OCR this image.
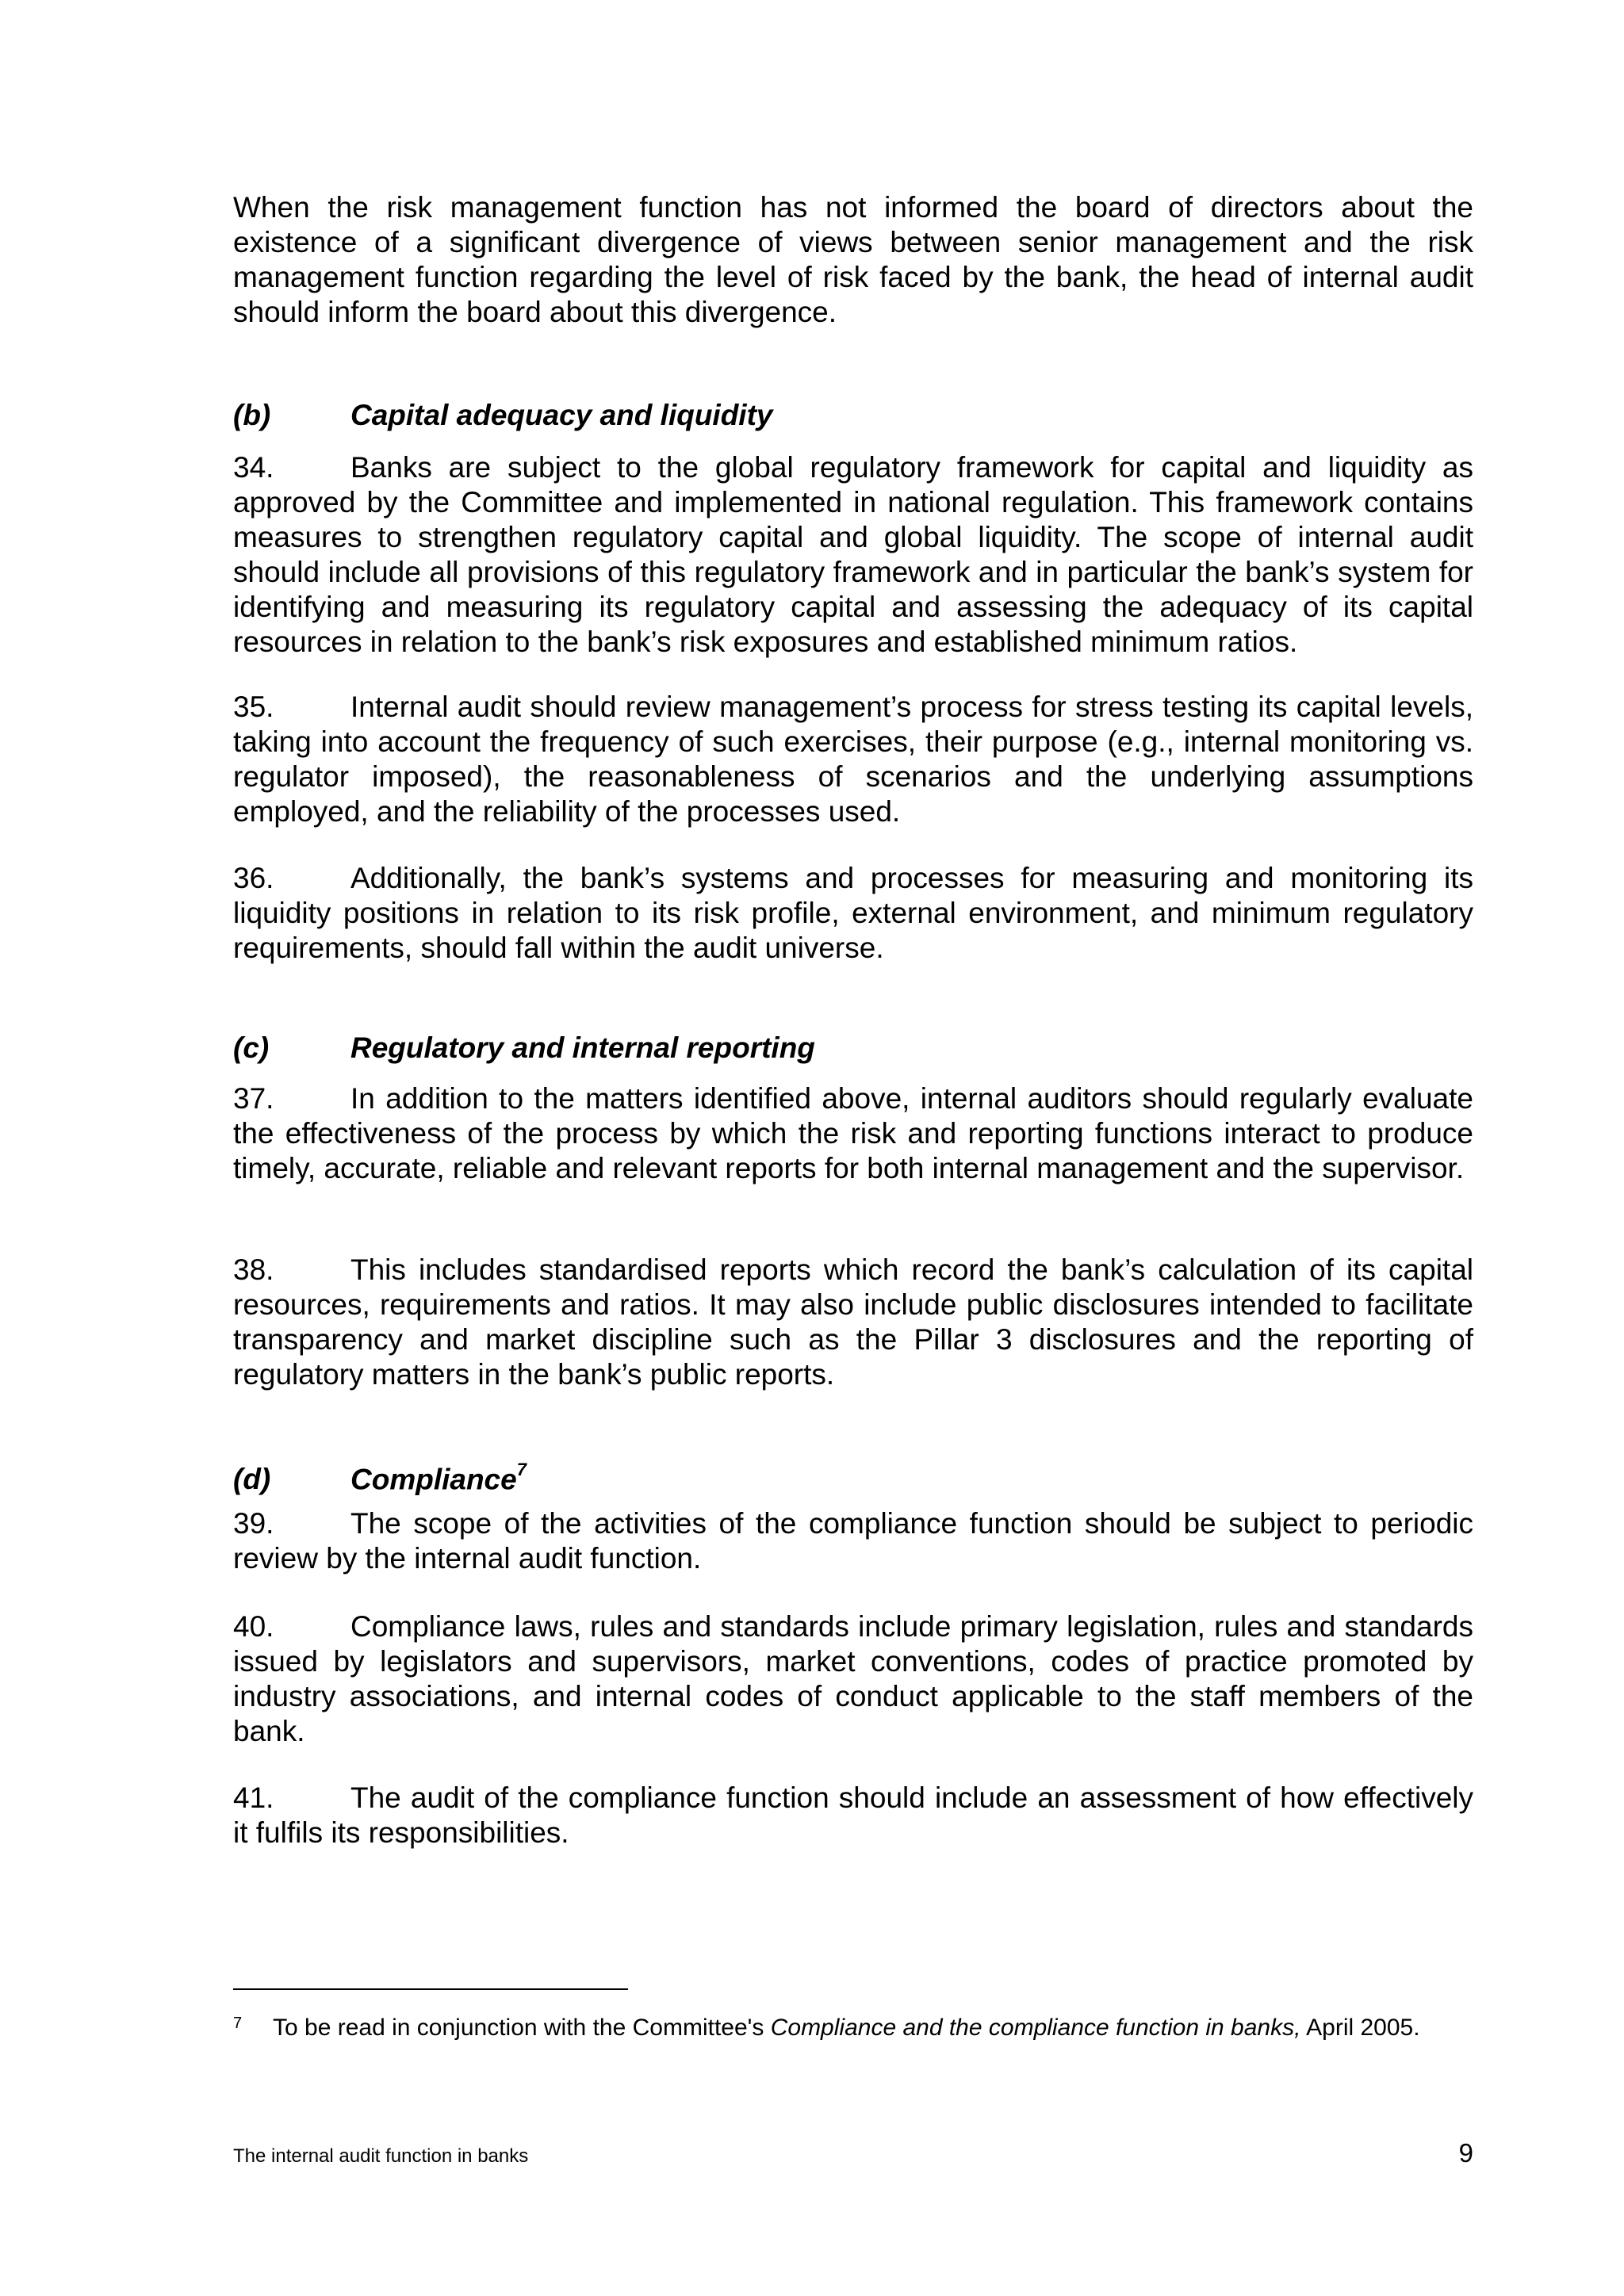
When the risk management function has not informed the board of directors about the existence of a significant divergence of views between senior management and the risk management function regarding the level of risk faced by the bank, the head of internal audit should inform the board about this divergence.

(b)	Capital adequacy and liquidity

34.	Banks are subject to the global regulatory framework for capital and liquidity as approved by the Committee and implemented in national regulation. This framework contains measures to strengthen regulatory capital and global liquidity. The scope of internal audit should include all provisions of this regulatory framework and in particular the bank’s system for identifying and measuring its regulatory capital and assessing the adequacy of its capital resources in relation to the bank’s risk exposures and established minimum ratios.

35.	Internal audit should review management’s process for stress testing its capital levels, taking into account the frequency of such exercises, their purpose (e.g., internal monitoring vs. regulator imposed), the reasonableness of scenarios and the underlying assumptions employed, and the reliability of the processes used.

36.	Additionally, the bank’s systems and processes for measuring and monitoring its liquidity positions in relation to its risk profile, external environment, and minimum regulatory requirements, should fall within the audit universe.

(c)	Regulatory and internal reporting

37.	In addition to the matters identified above, internal auditors should regularly evaluate the effectiveness of the process by which the risk and reporting functions interact to produce timely, accurate, reliable and relevant reports for both internal management and the supervisor.

38.	This includes standardised reports which record the bank’s calculation of its capital resources, requirements and ratios. It may also include public disclosures intended to facilitate transparency and market discipline such as the Pillar 3 disclosures and the reporting of regulatory matters in the bank’s public reports.

(d)	Compliance$^7$

39.	The scope of the activities of the compliance function should be subject to periodic review by the internal audit function.

40.	Compliance laws, rules and standards include primary legislation, rules and standards issued by legislators and supervisors, market conventions, codes of practice promoted by industry associations, and internal codes of conduct applicable to the staff members of the bank.

41.	The audit of the compliance function should include an assessment of how effectively it fulfils its responsibilities.

7 To be read in conjunction with the Committee's Compliance and the compliance function in banks, April 2005.
The internal audit function in banks	9
